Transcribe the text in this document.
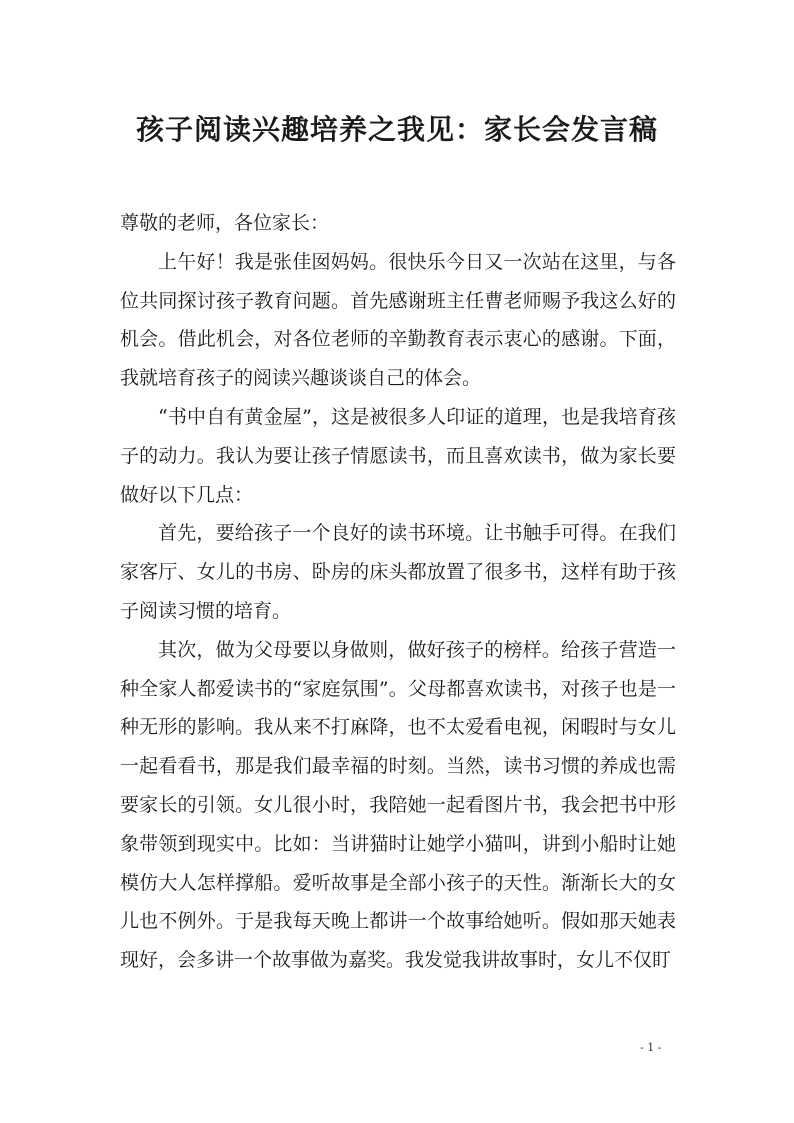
孩子阅读兴趣培养之我见：家长会发言稿

尊敬的老师，各位家长：

上午好！我是张佳囡妈妈。很快乐今日又一次站在这里，与各位共同探讨孩子教育问题。首先感谢班主任曹老师赐予我这么好的机会。借此机会，对各位老师的辛勤教育表示衷心的感谢。下面，我就培育孩子的阅读兴趣谈谈自己的体会。

“书中自有黄金屋”，这是被很多人印证的道理，也是我培育孩子的动力。我认为要让孩子情愿读书，而且喜欢读书，做为家长要做好以下几点：

首先，要给孩子一个良好的读书环境。让书触手可得。在我们家客厅、女儿的书房、卧房的床头都放置了很多书，这样有助于孩子阅读习惯的培育。

其次，做为父母要以身做则，做好孩子的榜样。给孩子营造一种全家人都爱读书的“家庭氛围”。父母都喜欢读书，对孩子也是一种无形的影响。我从来不打麻降，也不太爱看电视，闲暇时与女儿一起看看书，那是我们最幸福的时刻。当然，读书习惯的养成也需要家长的引领。女儿很小时，我陪她一起看图片书，我会把书中形象带领到现实中。比如：当讲猫时让她学小猫叫，讲到小船时让她模仿大人怎样撑船。爱听故事是全部小孩子的天性。渐渐长大的女儿也不例外。于是我每天晚上都讲一个故事给她听。假如那天她表现好，会多讲一个故事做为嘉奖。我发觉我讲故事时，女儿不仅盯

- 1 -
